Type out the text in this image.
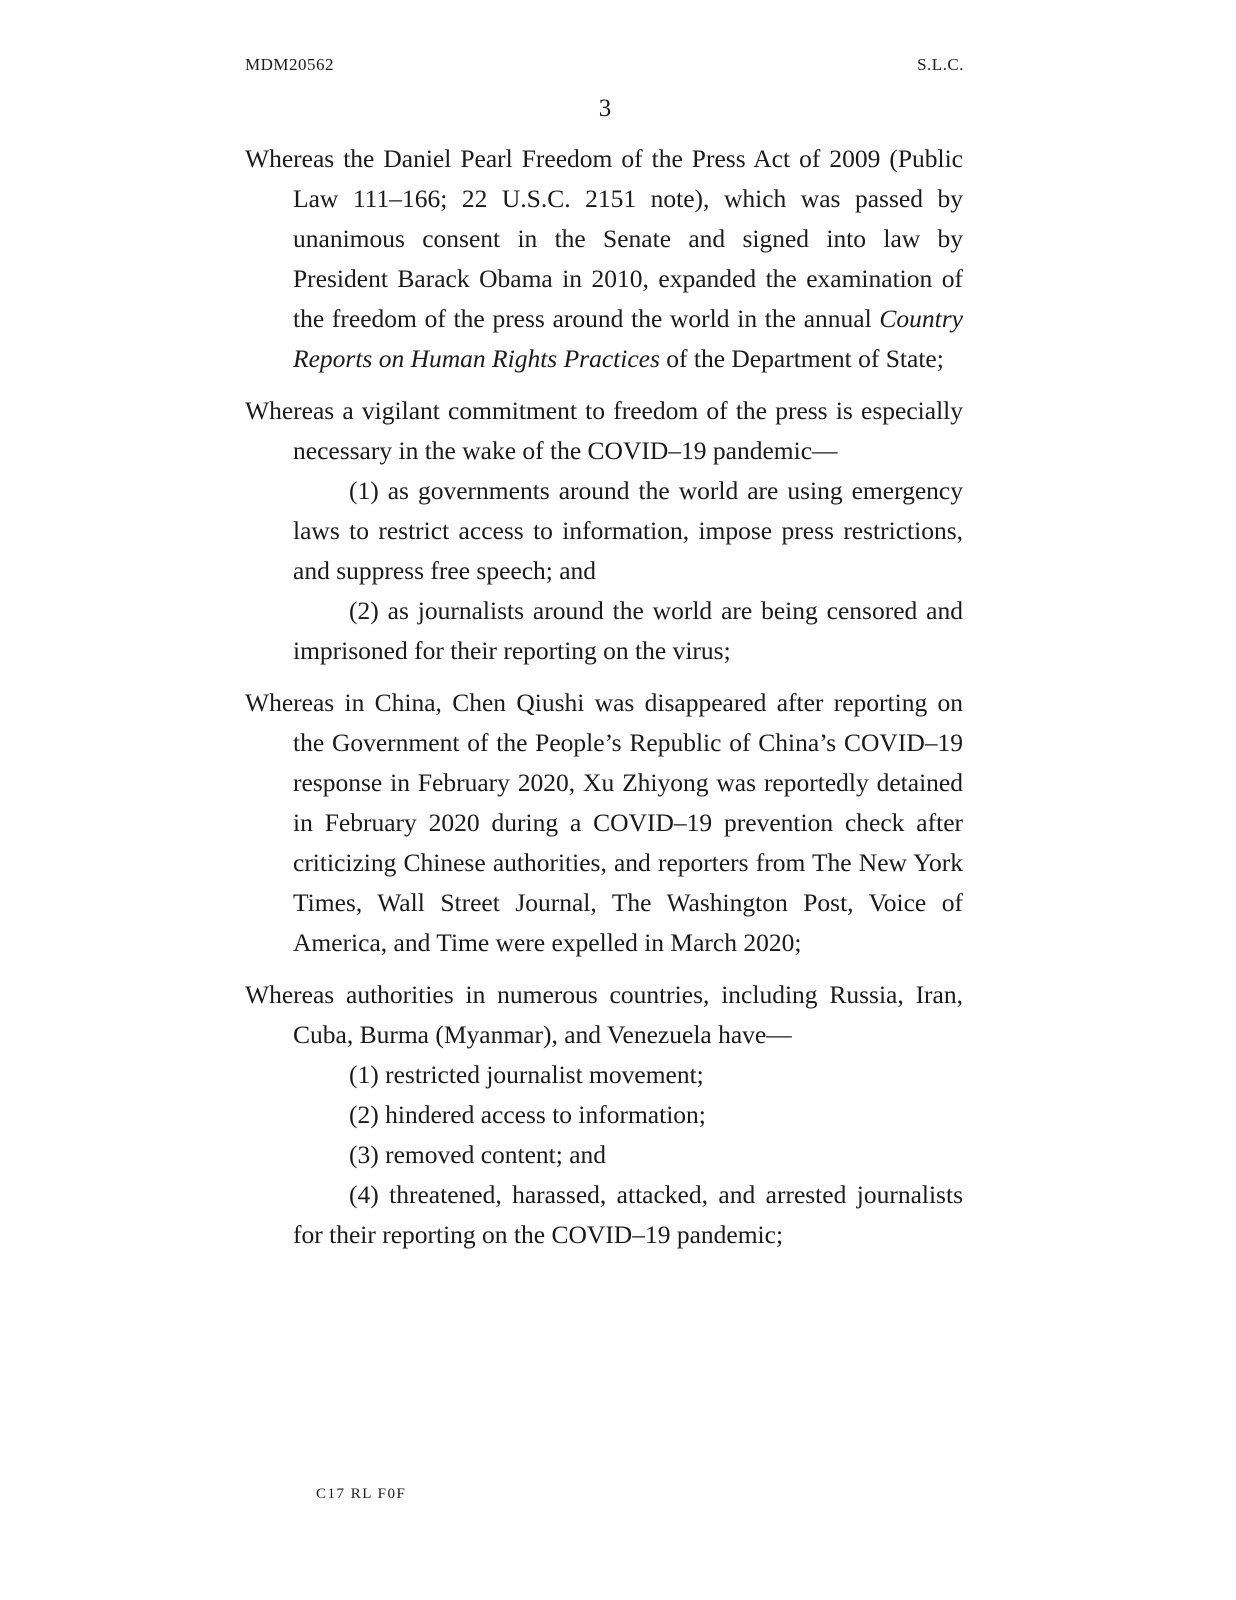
MDM20562	S.L.C.
3

Whereas the Daniel Pearl Freedom of the Press Act of 2009 (Public Law 111–166; 22 U.S.C. 2151 note), which was passed by unanimous consent in the Senate and signed into law by President Barack Obama in 2010, expanded the examination of the freedom of the press around the world in the annual Country Reports on Human Rights Practices of the Department of State;

Whereas a vigilant commitment to freedom of the press is especially necessary in the wake of the COVID–19 pandemic—

(1) as governments around the world are using emergency laws to restrict access to information, impose press restrictions, and suppress free speech; and

(2) as journalists around the world are being censored and imprisoned for their reporting on the virus;

Whereas in China, Chen Qiushi was disappeared after reporting on the Government of the People’s Republic of China’s COVID–19 response in February 2020, Xu Zhiyong was reportedly detained in February 2020 during a COVID–19 prevention check after criticizing Chinese authorities, and reporters from The New York Times, Wall Street Journal, The Washington Post, Voice of America, and Time were expelled in March 2020;

Whereas authorities in numerous countries, including Russia, Iran, Cuba, Burma (Myanmar), and Venezuela have—

(1) restricted journalist movement;

(2) hindered access to information;

(3) removed content; and

(4) threatened, harassed, attacked, and arrested journalists for their reporting on the COVID–19 pandemic;

C17 RL F0F
